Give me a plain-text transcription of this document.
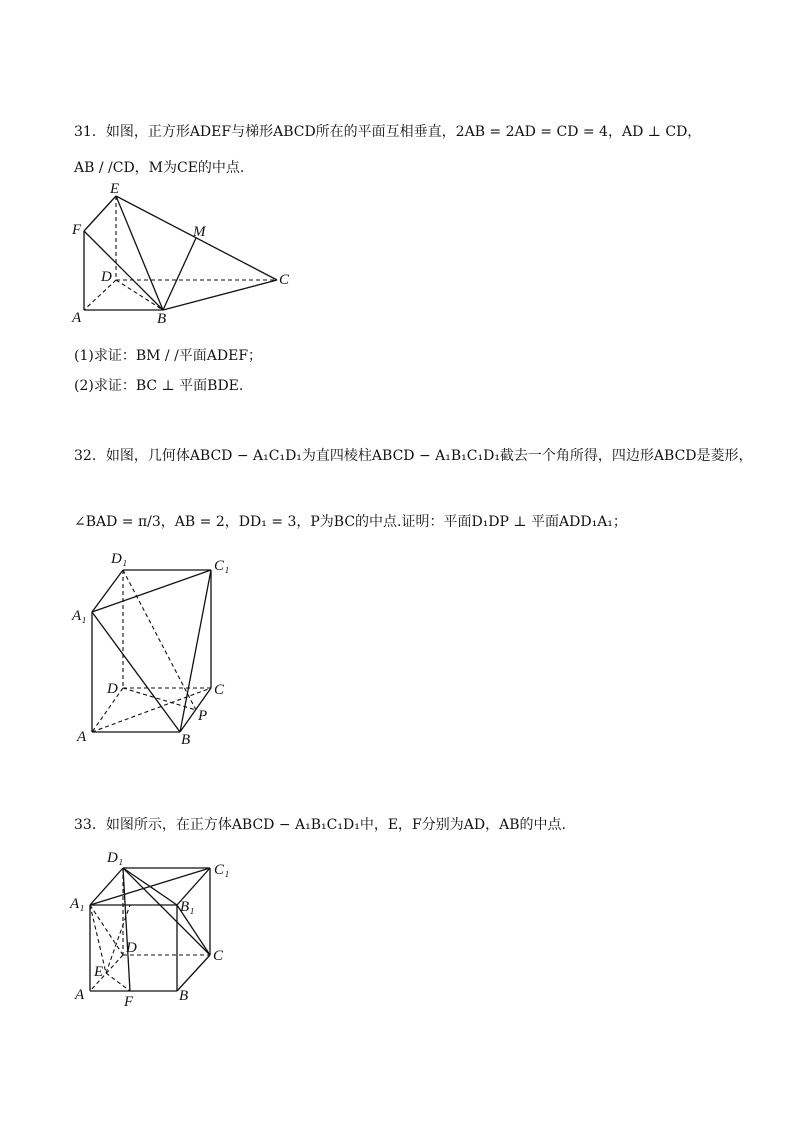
31．如图，正方形ADEF与梯形ABCD所在的平面互相垂直，2AB = 2AD = CD = 4，AD ⊥ CD，
AB / /CD，M为CE的中点.
E
F	M
D	C
A	B
(1)求证：BM / /平面ADEF；
(2)求证：BC ⊥ 平面BDE.
32．如图，几何体ABCD − A₁C₁D₁为直四棱柱ABCD − A₁B₁C₁D₁截去一个角所得，四边形ABCD是菱形，
∠BAD = π/3，AB = 2，DD₁ = 3，P为BC的中点.证明：平面D₁DP ⊥ 平面ADD₁A₁；
D₁	C₁
A₁
D	C
P
A	B
33．如图所示，在正方体ABCD − A₁B₁C₁D₁中，E，F分别为AD，AB的中点.
D₁
C₁
A₁	B₁
D	C
E
A	F	B
